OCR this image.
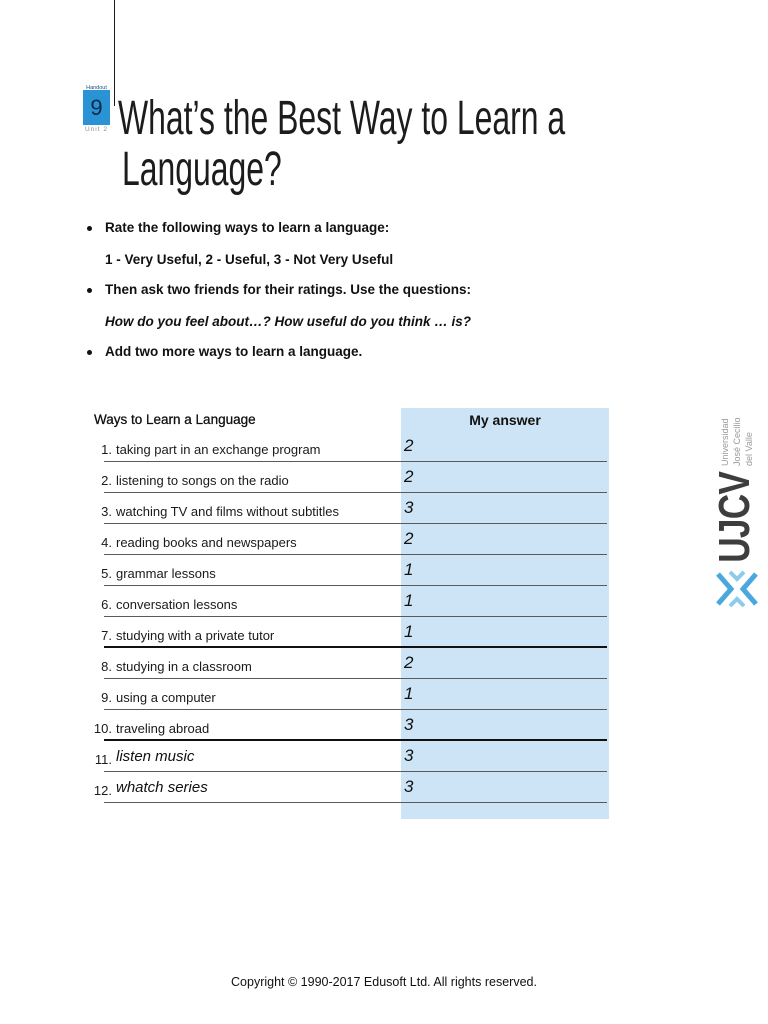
9
Handout
Unit 2 What’s the Best Way to Learn a
Language?
Rate the following ways to learn a language:
1 - Very Useful, 2 - Useful, 3 - Not Very Useful
Then ask two friends for their ratings. Use the questions:
How do you feel about…? How useful do you think … is?
Add two more ways to learn a language.
Ways to Learn a Language	My answer
1. taking part in an exchange program	2
2. listening to songs on the radio	2
3. watching TV and films without subtitles	3
4. reading books and newspapers	2
5. grammar lessons	1
6. conversation lessons	1
7. studying with a private tutor	1
8. studying in a classroom	2
9. using a computer	1
10. traveling abroad	3
11. listen music	3
12. whatch series	3
Universidad José Cecilio del Valle
UJCV
Copyright © 1990-2017 Edusoft Ltd. All rights reserved.
